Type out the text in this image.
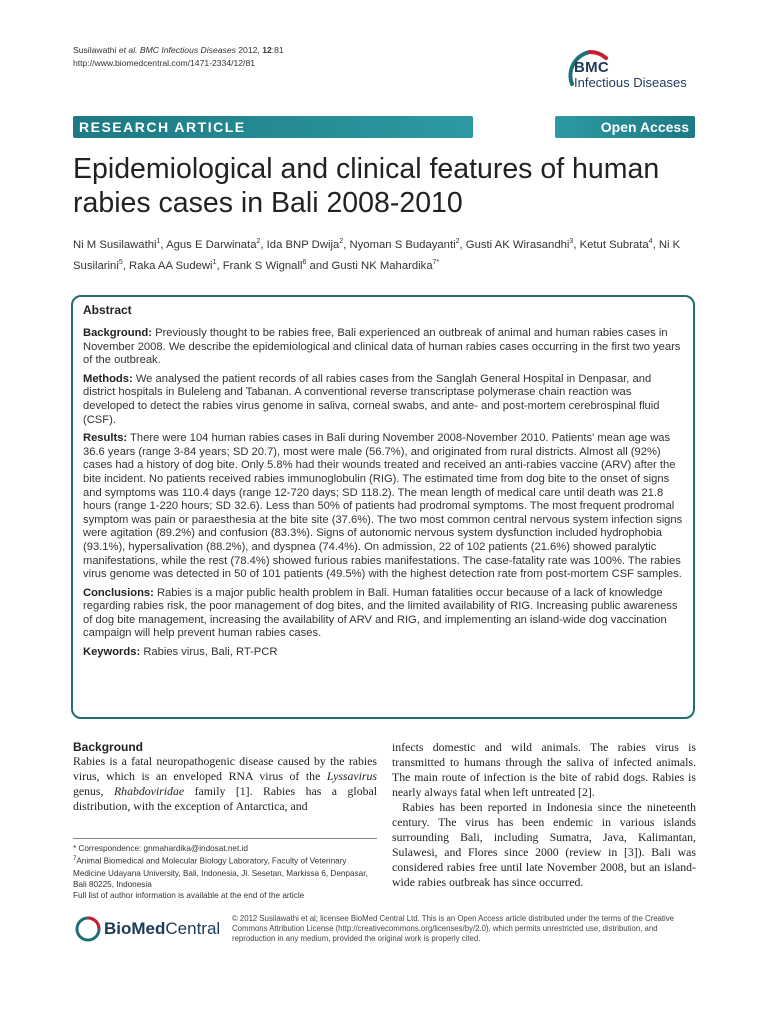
Susilawathi et al. BMC Infectious Diseases 2012, 12:81
http://www.biomedcentral.com/1471-2334/12/81	BMC
Infectious Diseases
RESEARCH ARTICLE	Open Access
Epidemiological and clinical features of human rabies cases in Bali 2008-2010
Ni M Susilawathi$^1$, Agus E Darwinata$^2$, Ida BNP Dwija$^2$, Nyoman S Budayanti$^2$, Gusti AK Wirasandhi$^3$, Ketut Subrata$^4$, Ni K Susilarini$^5$, Raka AA Sudewi$^1$, Frank S Wignall$^6$ and Gusti NK Mahardika$^{7*}$
Abstract

Background: Previously thought to be rabies free, Bali experienced an outbreak of animal and human rabies cases in November 2008. We describe the epidemiological and clinical data of human rabies cases occurring in the first two years of the outbreak.

Methods: We analysed the patient records of all rabies cases from the Sanglah General Hospital in Denpasar, and district hospitals in Buleleng and Tabanan. A conventional reverse transcriptase polymerase chain reaction was developed to detect the rabies virus genome in saliva, corneal swabs, and ante- and post-mortem cerebrospinal fluid (CSF).

Results: There were 104 human rabies cases in Bali during November 2008-November 2010. Patients' mean age was 36.6 years (range 3-84 years; SD 20.7), most were male (56.7%), and originated from rural districts. Almost all (92%) cases had a history of dog bite. Only 5.8% had their wounds treated and received an anti-rabies vaccine (ARV) after the bite incident. No patients received rabies immunoglobulin (RIG). The estimated time from dog bite to the onset of signs and symptoms was 110.4 days (range 12-720 days; SD 118.2). The mean length of medical care until death was 21.8 hours (range 1-220 hours; SD 32.6). Less than 50% of patients had prodromal symptoms. The most frequent prodromal symptom was pain or paraesthesia at the bite site (37.6%). The two most common central nervous system infection signs were agitation (89.2%) and confusion (83.3%). Signs of autonomic nervous system dysfunction included hydrophobia (93.1%), hypersalivation (88.2%), and dyspnea (74.4%). On admission, 22 of 102 patients (21.6%) showed paralytic manifestations, while the rest (78.4%) showed furious rabies manifestations. The case-fatality rate was 100%. The rabies virus genome was detected in 50 of 101 patients (49.5%) with the highest detection rate from post-mortem CSF samples.

Conclusions: Rabies is a major public health problem in Bali. Human fatalities occur because of a lack of knowledge regarding rabies risk, the poor management of dog bites, and the limited availability of RIG. Increasing public awareness of dog bite management, increasing the availability of ARV and RIG, and implementing an island-wide dog vaccination campaign will help prevent human rabies cases.

Keywords: Rabies virus, Bali, RT-PCR

Background

Rabies is a fatal neuropathogenic disease caused by the rabies virus, which is an enveloped RNA virus of the Lyssavirus genus, Rhabdoviridae family [1]. Rabies has a global distribution, with the exception of Antarctica, and

infects domestic and wild animals. The rabies virus is transmitted to humans through the saliva of infected animals. The main route of infection is the bite of rabid dogs. Rabies is nearly always fatal when left untreated [2].

Rabies has been reported in Indonesia since the nineteenth century. The virus has been endemic in various islands surrounding Bali, including Sumatra, Java, Kalimantan, Sulawesi, and Flores since 2000 (review in [3]). Bali was considered rabies free until late November 2008, but an island-wide rabies outbreak has since occurred.

* Correspondence: gnmahardika@indosat.net.id
$^7$Animal Biomedical and Molecular Biology Laboratory, Faculty of Veterinary Medicine Udayana University, Bali, Indonesia, Jl. Sesetan, Markissa 6, Denpasar, Bali 80225, Indonesia
Full list of author information is available at the end of the article
BioMedCentral
© 2012 Susilawathi et al; licensee BioMed Central Ltd. This is an Open Access article distributed under the terms of the Creative Commons Attribution License (http://creativecommons.org/licenses/by/2.0), which permits unrestricted use, distribution, and reproduction in any medium, provided the original work is properly cited.
